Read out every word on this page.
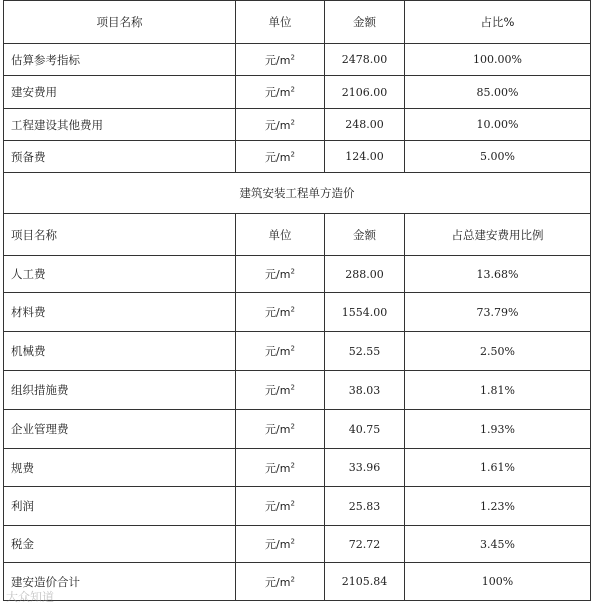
项目名称	单位	金额	占比%
估算参考指标	元$/m^2$	2478.00	100.00%
建安费用	元$/m^2$	2106.00	85.00%
工程建设其他费用	元$/m^2$	248.00	10.00%
预备费	元$/m^2$	124.00	5.00%
建筑安装工程单方造价			
项目名称	单位	金额	占总建安费用比例
人工费	元$/m^2$	288.00	13.68%
材料费	元$/m^2$	1554.00	73.79%
机械费	元$/m^2$	52.55	2.50%
组织措施费	元$/m^2$	38.03	1.81%
企业管理费	元$/m^2$	40.75	1.93%
规费	元$/m^2$	33.96	1.61%
利润	元$/m^2$	25.83	1.23%
税金	元$/m^2$	72.72	3.45%
建安造价合计	元$/m^2$	2105.84	100%
大众知道
